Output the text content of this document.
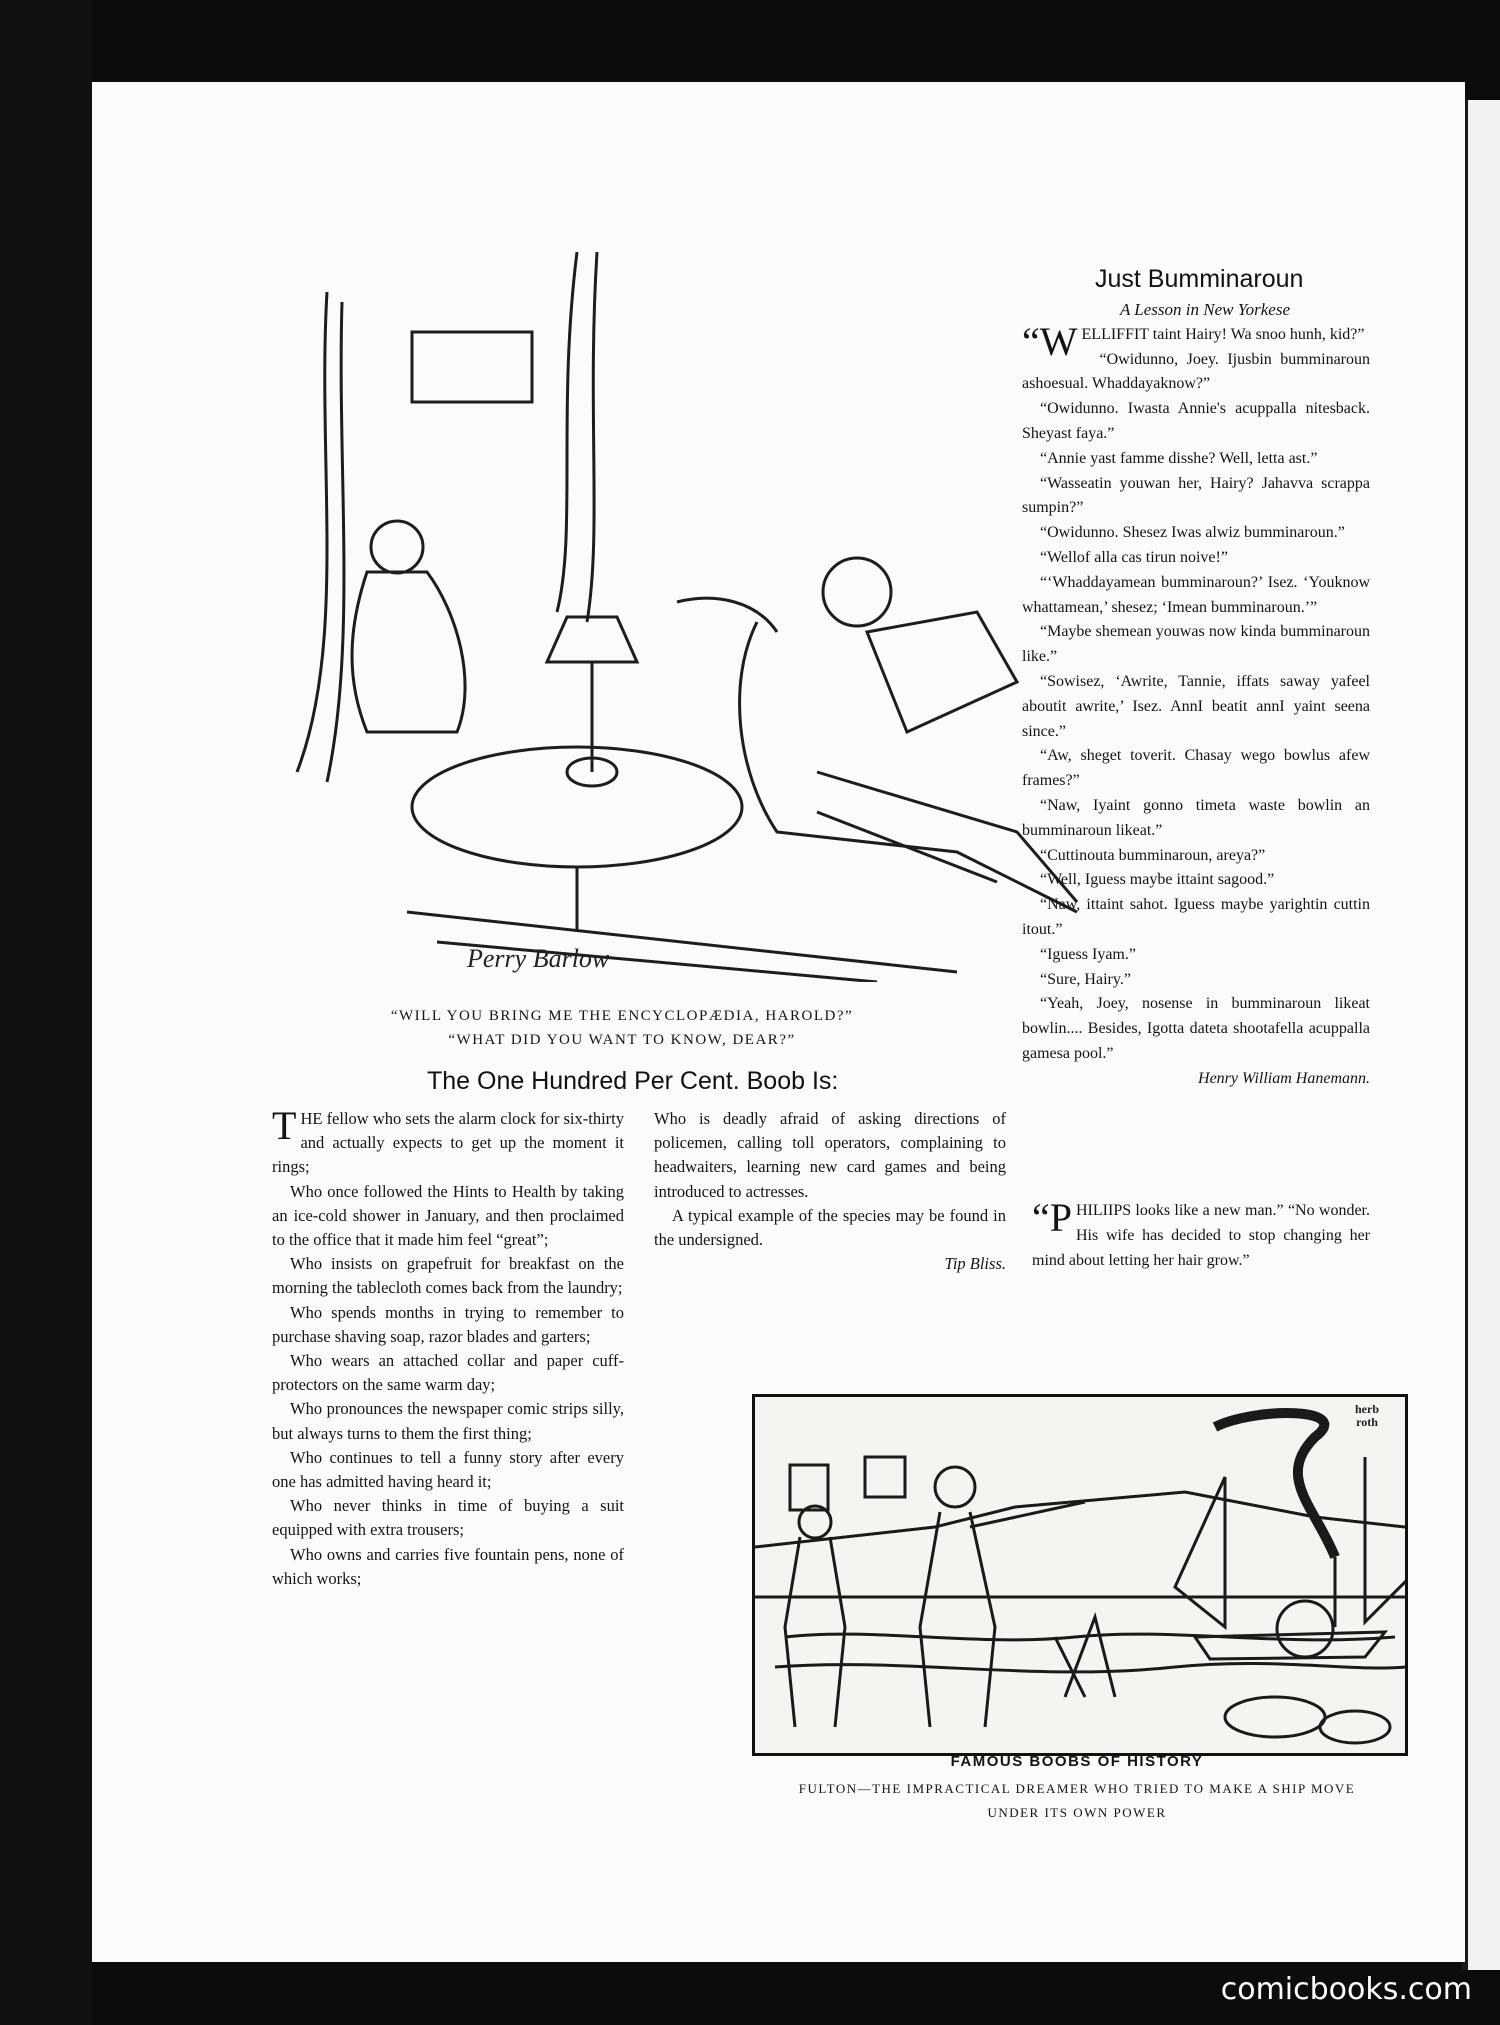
Perry Barlow

“WILL YOU BRING ME THE ENCYCLOPÆDIA, HAROLD?”

“WHAT DID YOU WANT TO KNOW, DEAR?”

Just Bumminaroun

A Lesson in New Yorkese

“W ELLIFFIT taint Hairy! Wa snoo hunh, kid?”

“Owidunno, Joey. Ijusbin bumminaroun ashoesual. Whaddayaknow?”

“Owidunno. Iwasta Annie's acuppalla nitesback. Sheyast faya.”

“Annie yast famme disshe? Well, letta ast.”

“Wasseatin youwan her, Hairy? Jahavva scrappa sumpin?”

“Owidunno. Shesez Iwas alwiz bumminaroun.”

“Wellof alla cas tirun noive!”

“‘Whaddayamean bumminaroun?’ Isez. ‘Youknow whattamean,’ shesez; ‘Imean bumminaroun.’”

“Maybe shemean youwas now kinda bumminaroun like.”

“Sowisez, ‘Awrite, Tannie, iffats saway yafeel aboutit awrite,’ Isez. AnnI beatit annI yaint seena since.”

“Aw, sheget toverit. Chasay wego bowlus afew frames?”

“Naw, Iyaint gonno timeta waste bowlin an bumminaroun likeat.”

“Cuttinouta bumminaroun, areya?”

“Well, Iguess maybe ittaint sagood.”

“Naw, ittaint sahot. Iguess maybe yarightin cuttin itout.”

“Iguess Iyam.”

“Sure, Hairy.”

“Yeah, Joey, nosense in bumminaroun likeat bowlin.... Besides, Igotta dateta shootafella acuppalla gamesa pool.”

Henry William Hanemann.

“P HILIIPS looks like a new man.” “No wonder. His wife has decided to stop changing her mind about letting her hair grow.”

The One Hundred Per Cent. Boob Is:

T HE fellow who sets the alarm clock for six-thirty and actually expects to get up the moment it rings;

Who once followed the Hints to Health by taking an ice-cold shower in January, and then proclaimed to the office that it made him feel “great”;

Who insists on grapefruit for breakfast on the morning the tablecloth comes back from the laundry;

Who spends months in trying to remember to purchase shaving soap, razor blades and garters;

Who wears an attached collar and paper cuff-protectors on the same warm day;

Who pronounces the newspaper comic strips silly, but always turns to them the first thing;

Who continues to tell a funny story after every one has admitted having heard it;

Who never thinks in time of buying a suit equipped with extra trousers;

Who owns and carries five fountain pens, none of which works;

Who is deadly afraid of asking directions of policemen, calling toll operators, complaining to headwaiters, learning new card games and being introduced to actresses.

A typical example of the species may be found in the undersigned.

Tip Bliss.

herb roth
FAMOUS BOOBS OF HISTORY
FULTON—THE IMPRACTICAL DREAMER WHO TRIED TO MAKE A SHIP MOVE
UNDER ITS OWN POWER
comicbooks.com
